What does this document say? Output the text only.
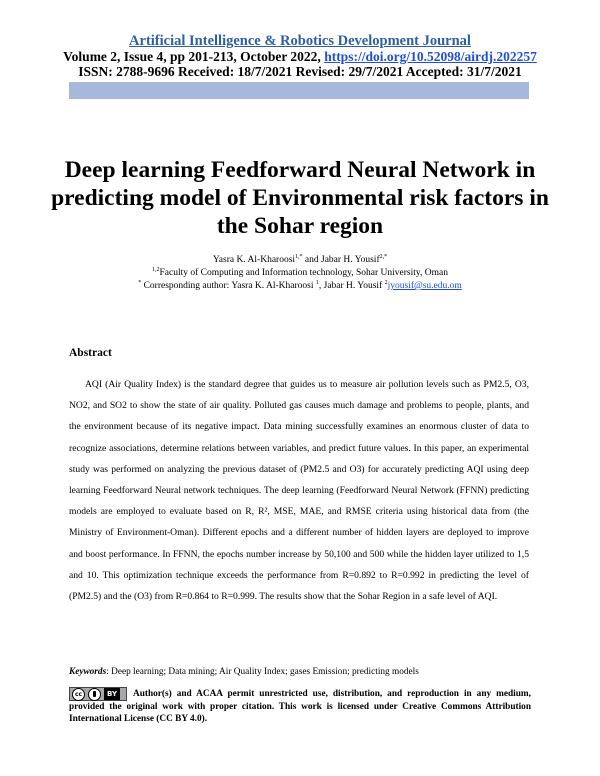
Artificial Intelligence & Robotics Development Journal
Volume 2, Issue 4, pp 201-213, October 2022, https://doi.org/10.52098/airdj.202257
ISSN: 2788-9696 Received: 18/7/2021 Revised: 29/7/2021 Accepted: 31/7/2021
Deep learning Feedforward Neural Network in predicting model of Environmental risk factors in the Sohar region
Yasra K. Al-Kharoosi$^{1,*}$ and Jabar H. Yousif$^{2,*}$
$^{1,2}$Faculty of Computing and Information technology, Sohar University, Oman
* Corresponding author: Yasra K. Al-Kharoosi $^1$, Jabar H. Yousif $^2$jyousif@su.edu.om
Abstract
AQI (Air Quality Index) is the standard degree that guides us to measure air pollution levels such as PM2.5, O3, NO2, and SO2 to show the state of air quality. Polluted gas causes much damage and problems to people, plants, and the environment because of its negative impact. Data mining successfully examines an enormous cluster of data to recognize associations, determine relations between variables, and predict future values. In this paper, an experimental study was performed on analyzing the previous dataset of (PM2.5 and O3) for accurately predicting AQI using deep learning Feedforward Neural network techniques. The deep learning (Feedforward Neural Network (FFNN) predicting models are employed to evaluate based on R, R², MSE, MAE, and RMSE criteria using historical data from (the Ministry of Environment-Oman). Different epochs and a different number of hidden layers are deployed to improve and boost performance. In FFNN, the epochs number increase by 50,100 and 500 while the hidden layer utilized to 1,5 and 10. This optimization technique exceeds the performance from R=0.892 to R=0.992 in predicting the level of (PM2.5) and the (O3) from R=0.864 to R=0.999. The results show that the Sohar Region in a safe level of AQI.
Keywords: Deep learning; Data mining; Air Quality Index; gases Emission; predicting models
cc	BY	Author(s) and ACAA permit unrestricted use, distribution, and reproduction in any medium, provided the original work with proper citation. This work is licensed under Creative Commons Attribution International License (CC BY 4.0).
